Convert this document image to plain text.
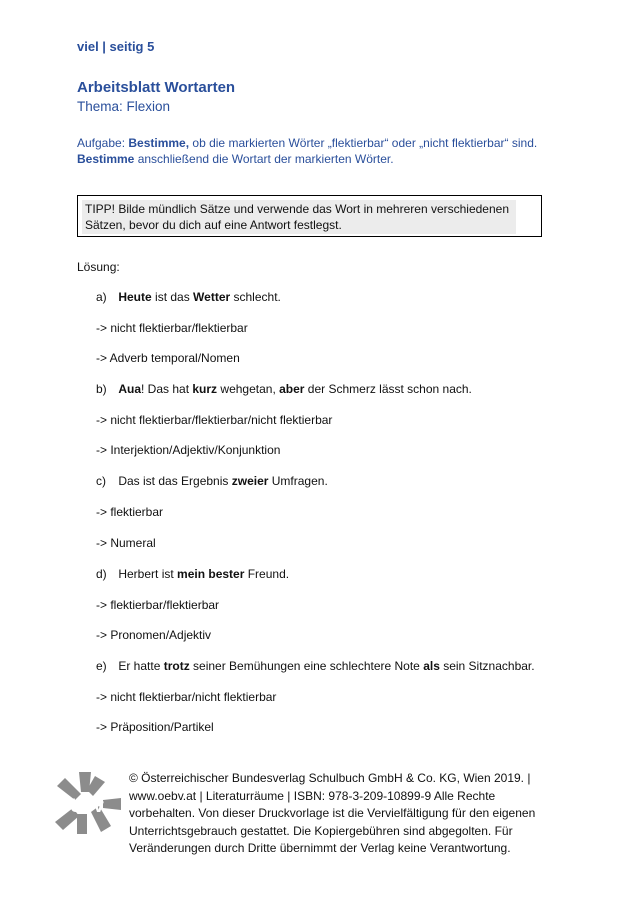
viel | seitig 5
Arbeitsblatt Wortarten
Thema: Flexion
Aufgabe: Bestimme, ob die markierten Wörter „flektierbar“ oder „nicht flektierbar“ sind.
Bestimme anschließend die Wortart der markierten Wörter.
TIPP! Bilde mündlich Sätze und verwende das Wort in mehreren verschiedenen Sätzen, bevor du dich auf eine Antwort festlegst.
Lösung:
a) Heute ist das Wetter schlecht.
-> nicht flektierbar/flektierbar
-> Adverb temporal/Nomen
b) Aua! Das hat kurz wehgetan, aber der Schmerz lässt schon nach.
-> nicht flektierbar/flektierbar/nicht flektierbar
-> Interjektion/Adjektiv/Konjunktion
c) Das ist das Ergebnis zweier Umfragen.
-> flektierbar
-> Numeral
d) Herbert ist mein bester Freund.
-> flektierbar/flektierbar
-> Pronomen/Adjektiv
e) Er hatte trotz seiner Bemühungen eine schlechtere Note als sein Sitznachbar.
-> nicht flektierbar/nicht flektierbar
-> Präposition/Partikel
öbv
© Österreichischer Bundesverlag Schulbuch GmbH & Co. KG, Wien 2019. |
www.oebv.at | Literaturräume | ISBN: 978-3-209-10899-9 Alle Rechte
vorbehalten. Von dieser Druckvorlage ist die Vervielfältigung für den eigenen
Unterrichtsgebrauch gestattet. Die Kopiergebühren sind abgegolten. Für
Veränderungen durch Dritte übernimmt der Verlag keine Verantwortung.
